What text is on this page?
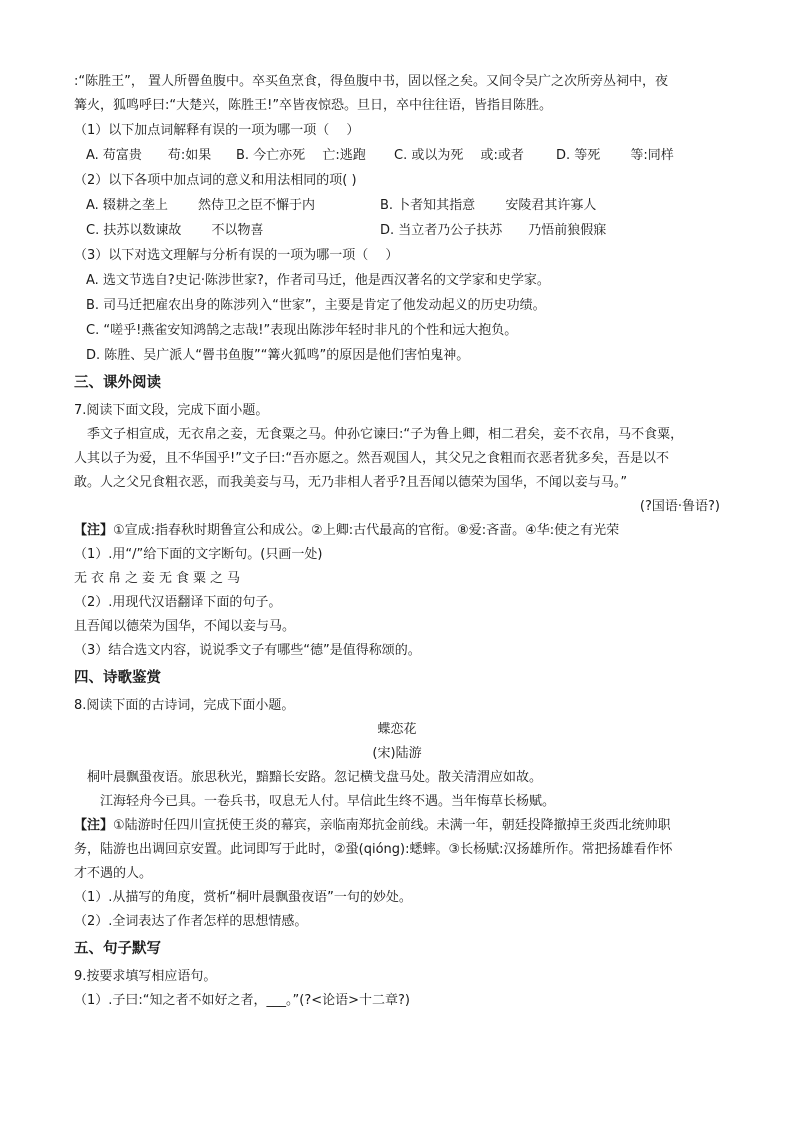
:“陈胜王”， 置人所罾鱼腹中。卒买鱼烹食，得鱼腹中书，固以怪之矣。又间令吴广之次所旁丛祠中，夜

篝火，狐鸣呼曰:“大楚兴，陈胜王!”卒皆夜惊恐。旦日，卒中往往语，皆指目陈胜。

（1）以下加点词解释有误的一项为哪一项（　 ）

A. 苟富贵　　苟:如果	B. 今亡亦死　 亡:逃跑	C. 或以为死　 或:或者	D. 等死　　 等:同样

（2）以下各项中加点词的意义和用法相同的项( )

A. 辍耕之垄上　　 然侍卫之臣不懈于内	B. 卜者知其指意　　 安陵君其许寡人
C. 扶苏以数谏故　　 不以物喜	D. 当立者乃公子扶苏　　乃悟前狼假寐

（3）以下对选文理解与分析有误的一项为哪一项（　 ）

A. 选文节选自?史记·陈涉世家?，作者司马迁，他是西汉著名的文学家和史学家。

B. 司马迁把雇农出身的陈涉列入“世家”，主要是肯定了他发动起义的历史功绩。

C. “嗟乎!燕雀安知鸿鹄之志哉!”表现出陈涉年轻时非凡的个性和远大抱负。

D. 陈胜、吴广派人“罾书鱼腹”“篝火狐鸣”的原因是他们害怕鬼神。

三、课外阅读

7.阅读下面文段，完成下面小题。

季文子相宣成，无衣帛之妾，无食粟之马。仲孙它谏曰:“子为鲁上卿，相二君矣，妾不衣帛，马不食粟，

人其以子为爱，且不华国乎!”文子曰:“吾亦愿之。然吾观国人，其父兄之食粗而衣恶者犹多矣，吾是以不

敢。人之父兄食粗衣恶，而我美妾与马，无乃非相人者乎?且吾闻以德荣为国华，不闻以妾与马。”

(?国语·鲁语?)

【注】①宣成:指春秋时期鲁宣公和成公。②上卿:古代最高的官衔。⑧爱:吝啬。④华:使之有光荣

（1）.用“/”给下面的文字断句。(只画一处)

无衣帛之妾无食粟之马

（2）.用现代汉语翻译下面的句子。

且吾闻以德荣为国华，不闻以妾与马。

（3）结合选文内容，说说季文子有哪些“德”是值得称颂的。

四、诗歌鉴赏

8.阅读下面的古诗词，完成下面小题。

蝶恋花

(宋)陆游

桐叶晨飘蛩夜语。旅思秋光，黯黯长安路。忽记横戈盘马处。散关清渭应如故。

江海轻舟今已具。一卷兵书，叹息无人付。早信此生终不遇。当年悔草长杨赋。

【注】①陆游时任四川宣抚使王炎的幕宾，亲临南郑抗金前线。未满一年，朝廷投降撤掉王炎西北统帅职

务，陆游也出调回京安置。此词即写于此时，②蛩(qióng):蟋蟀。③长杨赋:汉扬雄所作。常把扬雄看作怀

才不遇的人。

（1）.从描写的角度，赏析“桐叶晨飘蛩夜语”一句的妙处。

（2）.全词表达了作者怎样的思想情感。

五、句子默写

9.按要求填写相应语句。

（1）.子曰:“知之者不如好之者，___。”(?<论语>十二章?)
